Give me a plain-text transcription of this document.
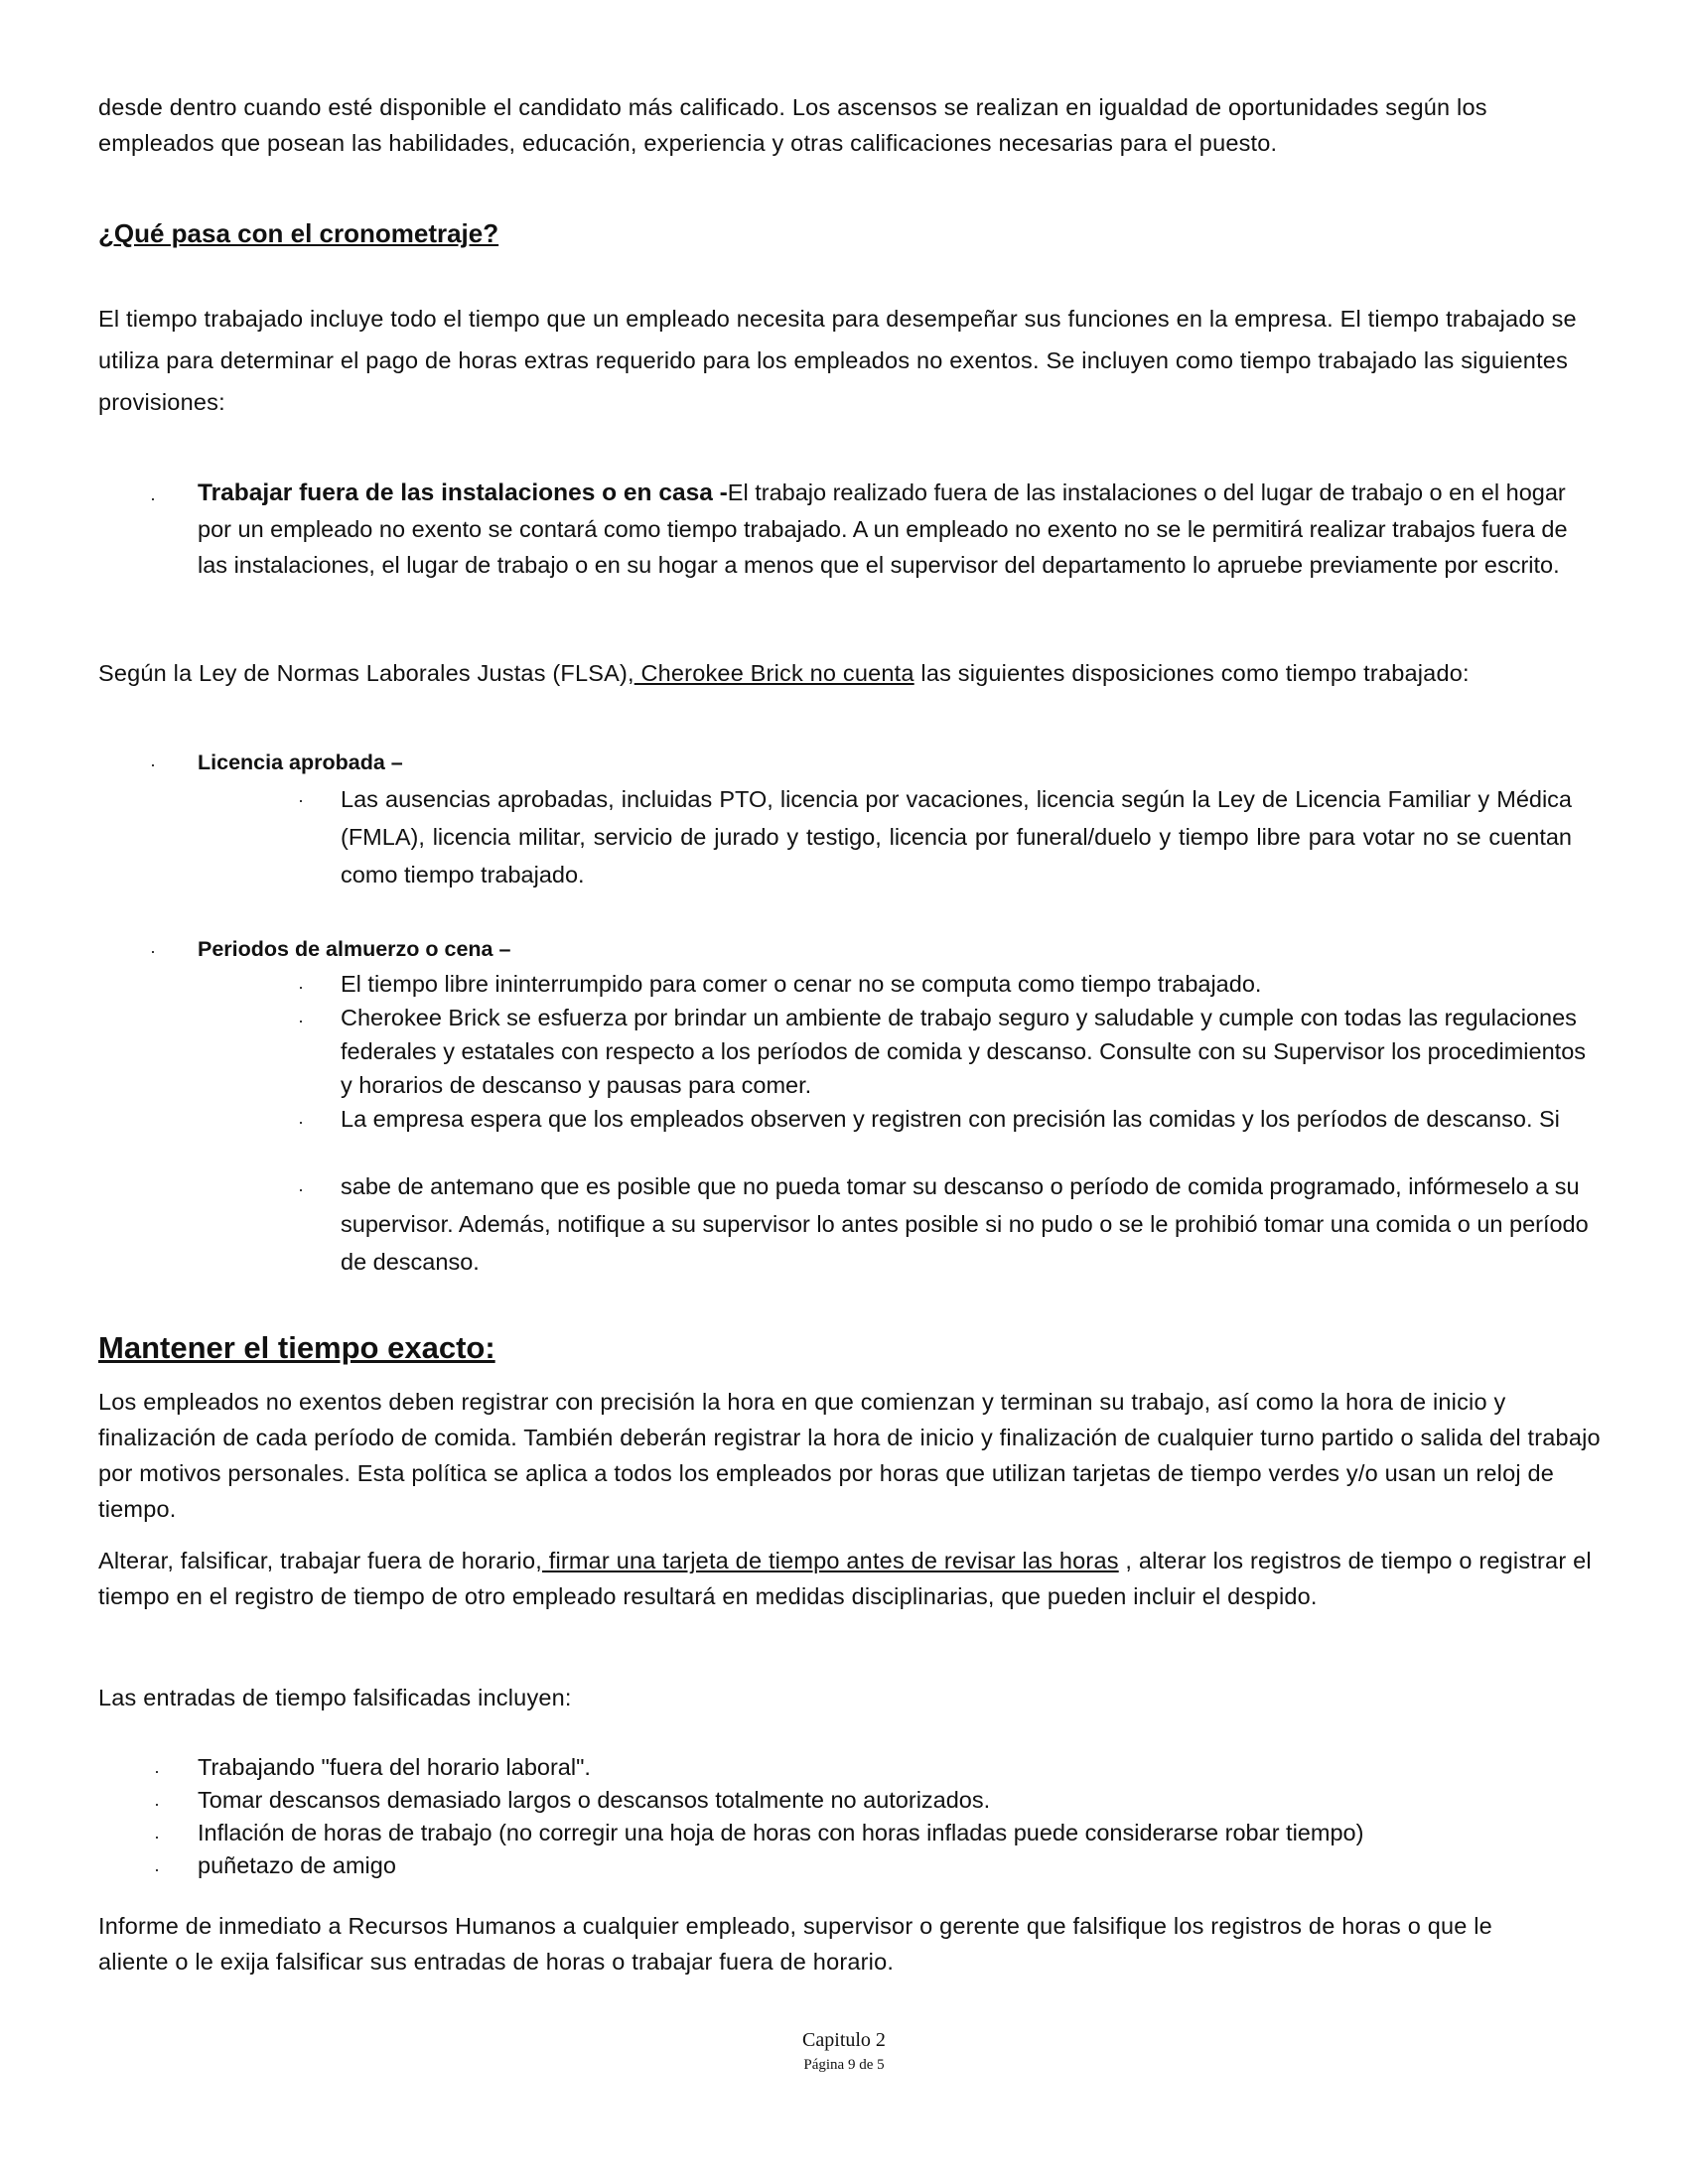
desde dentro cuando esté disponible el candidato más calificado. Los ascensos se realizan en igualdad de oportunidades según los empleados que posean las habilidades, educación, experiencia y otras calificaciones necesarias para el puesto.

¿Qué pasa con el cronometraje?

El tiempo trabajado incluye todo el tiempo que un empleado necesita para desempeñar sus funciones en la empresa. El tiempo trabajado se utiliza para determinar el pago de horas extras requerido para los empleados no exentos. Se incluyen como tiempo trabajado las siguientes provisiones:

· Trabajar fuera de las instalaciones o en casa -El trabajo realizado fuera de las instalaciones o del lugar de trabajo o en el hogar por un empleado no exento se contará como tiempo trabajado. A un empleado no exento no se le permitirá realizar trabajos fuera de las instalaciones, el lugar de trabajo o en su hogar a menos que el supervisor del departamento lo apruebe previamente por escrito.

Según la Ley de Normas Laborales Justas (FLSA), Cherokee Brick no cuenta las siguientes disposiciones como tiempo trabajado:

· Licencia aprobada –

· Las ausencias aprobadas, incluidas PTO, licencia por vacaciones, licencia según la Ley de Licencia Familiar y Médica (FMLA), licencia militar, servicio de jurado y testigo, licencia por funeral/duelo y tiempo libre para votar no se cuentan como tiempo trabajado.

· Periodos de almuerzo o cena –

· El tiempo libre ininterrumpido para comer o cenar no se computa como tiempo trabajado.

· Cherokee Brick se esfuerza por brindar un ambiente de trabajo seguro y saludable y cumple con todas las regulaciones federales y estatales con respecto a los períodos de comida y descanso. Consulte con su Supervisor los procedimientos y horarios de descanso y pausas para comer.

· La empresa espera que los empleados observen y registren con precisión las comidas y los períodos de descanso. Si

· sabe de antemano que es posible que no pueda tomar su descanso o período de comida programado, infórmeselo a su supervisor. Además, notifique a su supervisor lo antes posible si no pudo o se le prohibió tomar una comida o un período de descanso.

Mantener el tiempo exacto:

Los empleados no exentos deben registrar con precisión la hora en que comienzan y terminan su trabajo, así como la hora de inicio y finalización de cada período de comida. También deberán registrar la hora de inicio y finalización de cualquier turno partido o salida del trabajo por motivos personales. Esta política se aplica a todos los empleados por horas que utilizan tarjetas de tiempo verdes y/o usan un reloj de tiempo.

Alterar, falsificar, trabajar fuera de horario, firmar una tarjeta de tiempo antes de revisar las horas , alterar los registros de tiempo o registrar el tiempo en el registro de tiempo de otro empleado resultará en medidas disciplinarias, que pueden incluir el despido.

Las entradas de tiempo falsificadas incluyen:

· Trabajando "fuera del horario laboral".

· Tomar descansos demasiado largos o descansos totalmente no autorizados.

· Inflación de horas de trabajo (no corregir una hoja de horas con horas infladas puede considerarse robar tiempo)

· puñetazo de amigo

Informe de inmediato a Recursos Humanos a cualquier empleado, supervisor o gerente que falsifique los registros de horas o que le aliente o le exija falsificar sus entradas de horas o trabajar fuera de horario.

Capitulo 2
Página 9 de 5
